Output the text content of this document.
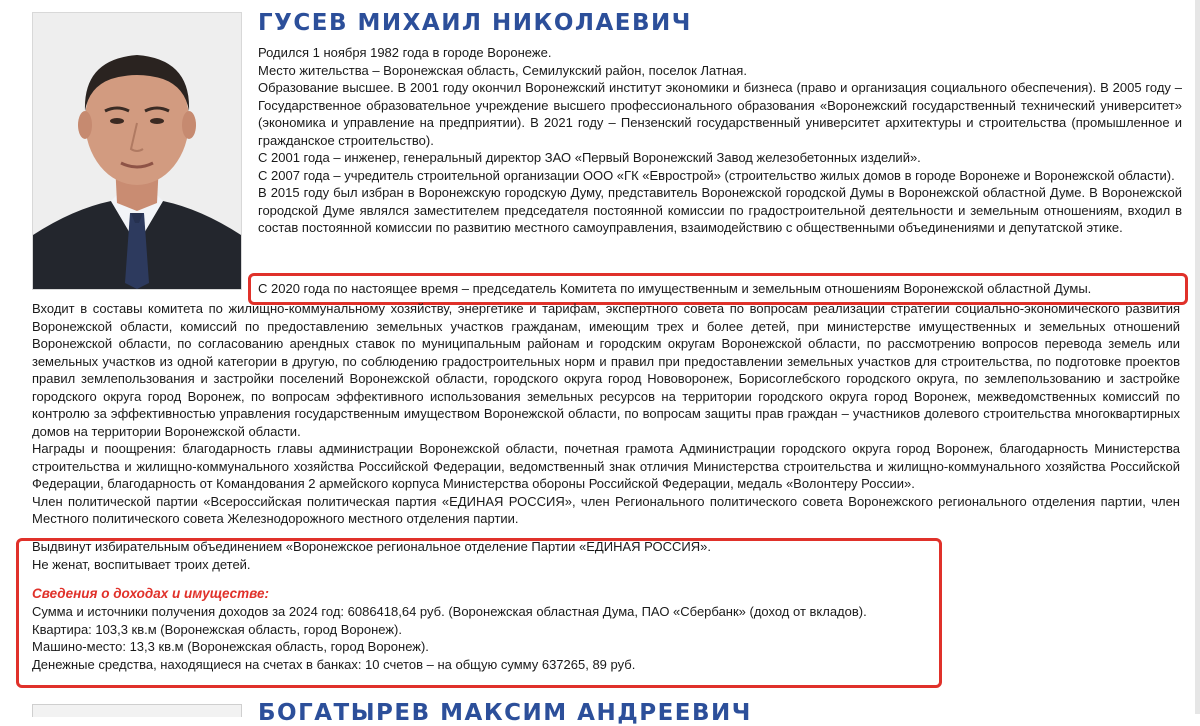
ГУСЕВ МИХАИЛ НИКОЛАЕВИЧ

Родился 1 ноября 1982 года в городе Воронеже.

Место жительства – Воронежская область, Семилукский район, поселок Латная.

Образование высшее. В 2001 году окончил Воронежский институт экономики и бизнеса (право и организация социального обеспечения). В 2005 году – Государственное образовательное учреждение высшего профессионального образования «Воронежский государственный технический университет» (экономика и управление на предприятии). В 2021 году – Пензенский государственный университет архитектуры и строительства (промышленное и гражданское строительство).

С 2001 года – инженер, генеральный директор ЗАО «Первый Воронежский Завод железобетонных изделий».

С 2007 года – учредитель строительной организации ООО «ГК «Еврострой» (строительство жилых домов в городе Воронеже и Воронежской области).

В 2015 году был избран в Воронежскую городскую Думу, представитель Воронежской городской Думы в Воронежской областной Думе. В Воронежской городской Думе являлся заместителем председателя постоянной комиссии по градостроительной деятельности и земельным отношениям, входил в состав постоянной комиссии по развитию местного самоуправления, взаимодействию с общественными объединениями и депутатской этике.

С 2020 года по настоящее время – председатель Комитета по имущественным и земельным отношениям Воронежской областной Думы.

Входит в составы комитета по жилищно-коммунальному хозяйству, энергетике и тарифам, экспертного совета по вопросам реализации стратегии социально-экономического развития Воронежской области, комиссий по предоставлению земельных участков гражданам, имеющим трех и более детей, при министерстве имущественных и земельных отношений Воронежской области, по согласованию арендных ставок по муниципальным районам и городским округам Воронежской области, по рассмотрению вопросов перевода земель или земельных участков из одной категории в другую, по соблюдению градостроительных норм и правил при предоставлении земельных участков для строительства, по подготовке проектов правил землепользования и застройки поселений Воронежской области, городского округа город Нововоронеж, Борисоглебского городского округа, по землепользованию и застройке городского округа город Воронеж, по вопросам эффективного использования земельных ресурсов на территории городского округа город Воронеж, межведомственных комиссий по контролю за эффективностью управления государственным имуществом Воронежской области, по вопросам защиты прав граждан – участников долевого строительства многоквартирных домов на территории Воронежской области.

Награды и поощрения: благодарность главы администрации Воронежской области, почетная грамота Администрации городского округа город Воронеж, благодарность Министерства строительства и жилищно-коммунального хозяйства Российской Федерации, ведомственный знак отличия Министерства строительства и жилищно-коммунального хозяйства Российской Федерации, благодарность от Командования 2 армейского корпуса Министерства обороны Российской Федерации, медаль «Волонтеру России».

Член политической партии «Всероссийская политическая партия «ЕДИНАЯ РОССИЯ», член Регионального политического совета Воронежского регионального отделения партии, член Местного политического совета Железнодорожного местного отделения партии.

Выдвинут избирательным объединением «Воронежское региональное отделение Партии «ЕДИНАЯ РОССИЯ».

Не женат, воспитывает троих детей.

Сведения о доходах и имуществе:

Сумма и источники получения доходов за 2024 год: 6086418,64 руб. (Воронежская областная Дума, ПАО «Сбербанк» (доход от вкладов).

Квартира: 103,3 кв.м (Воронежская область, город Воронеж).

Машино-место: 13,3 кв.м (Воронежская область, город Воронеж).

Денежные средства, находящиеся на счетах в банках: 10 счетов – на общую сумму 637265, 89 руб.

БОГАТЫРЕВ МАКСИМ АНДРЕЕВИЧ
